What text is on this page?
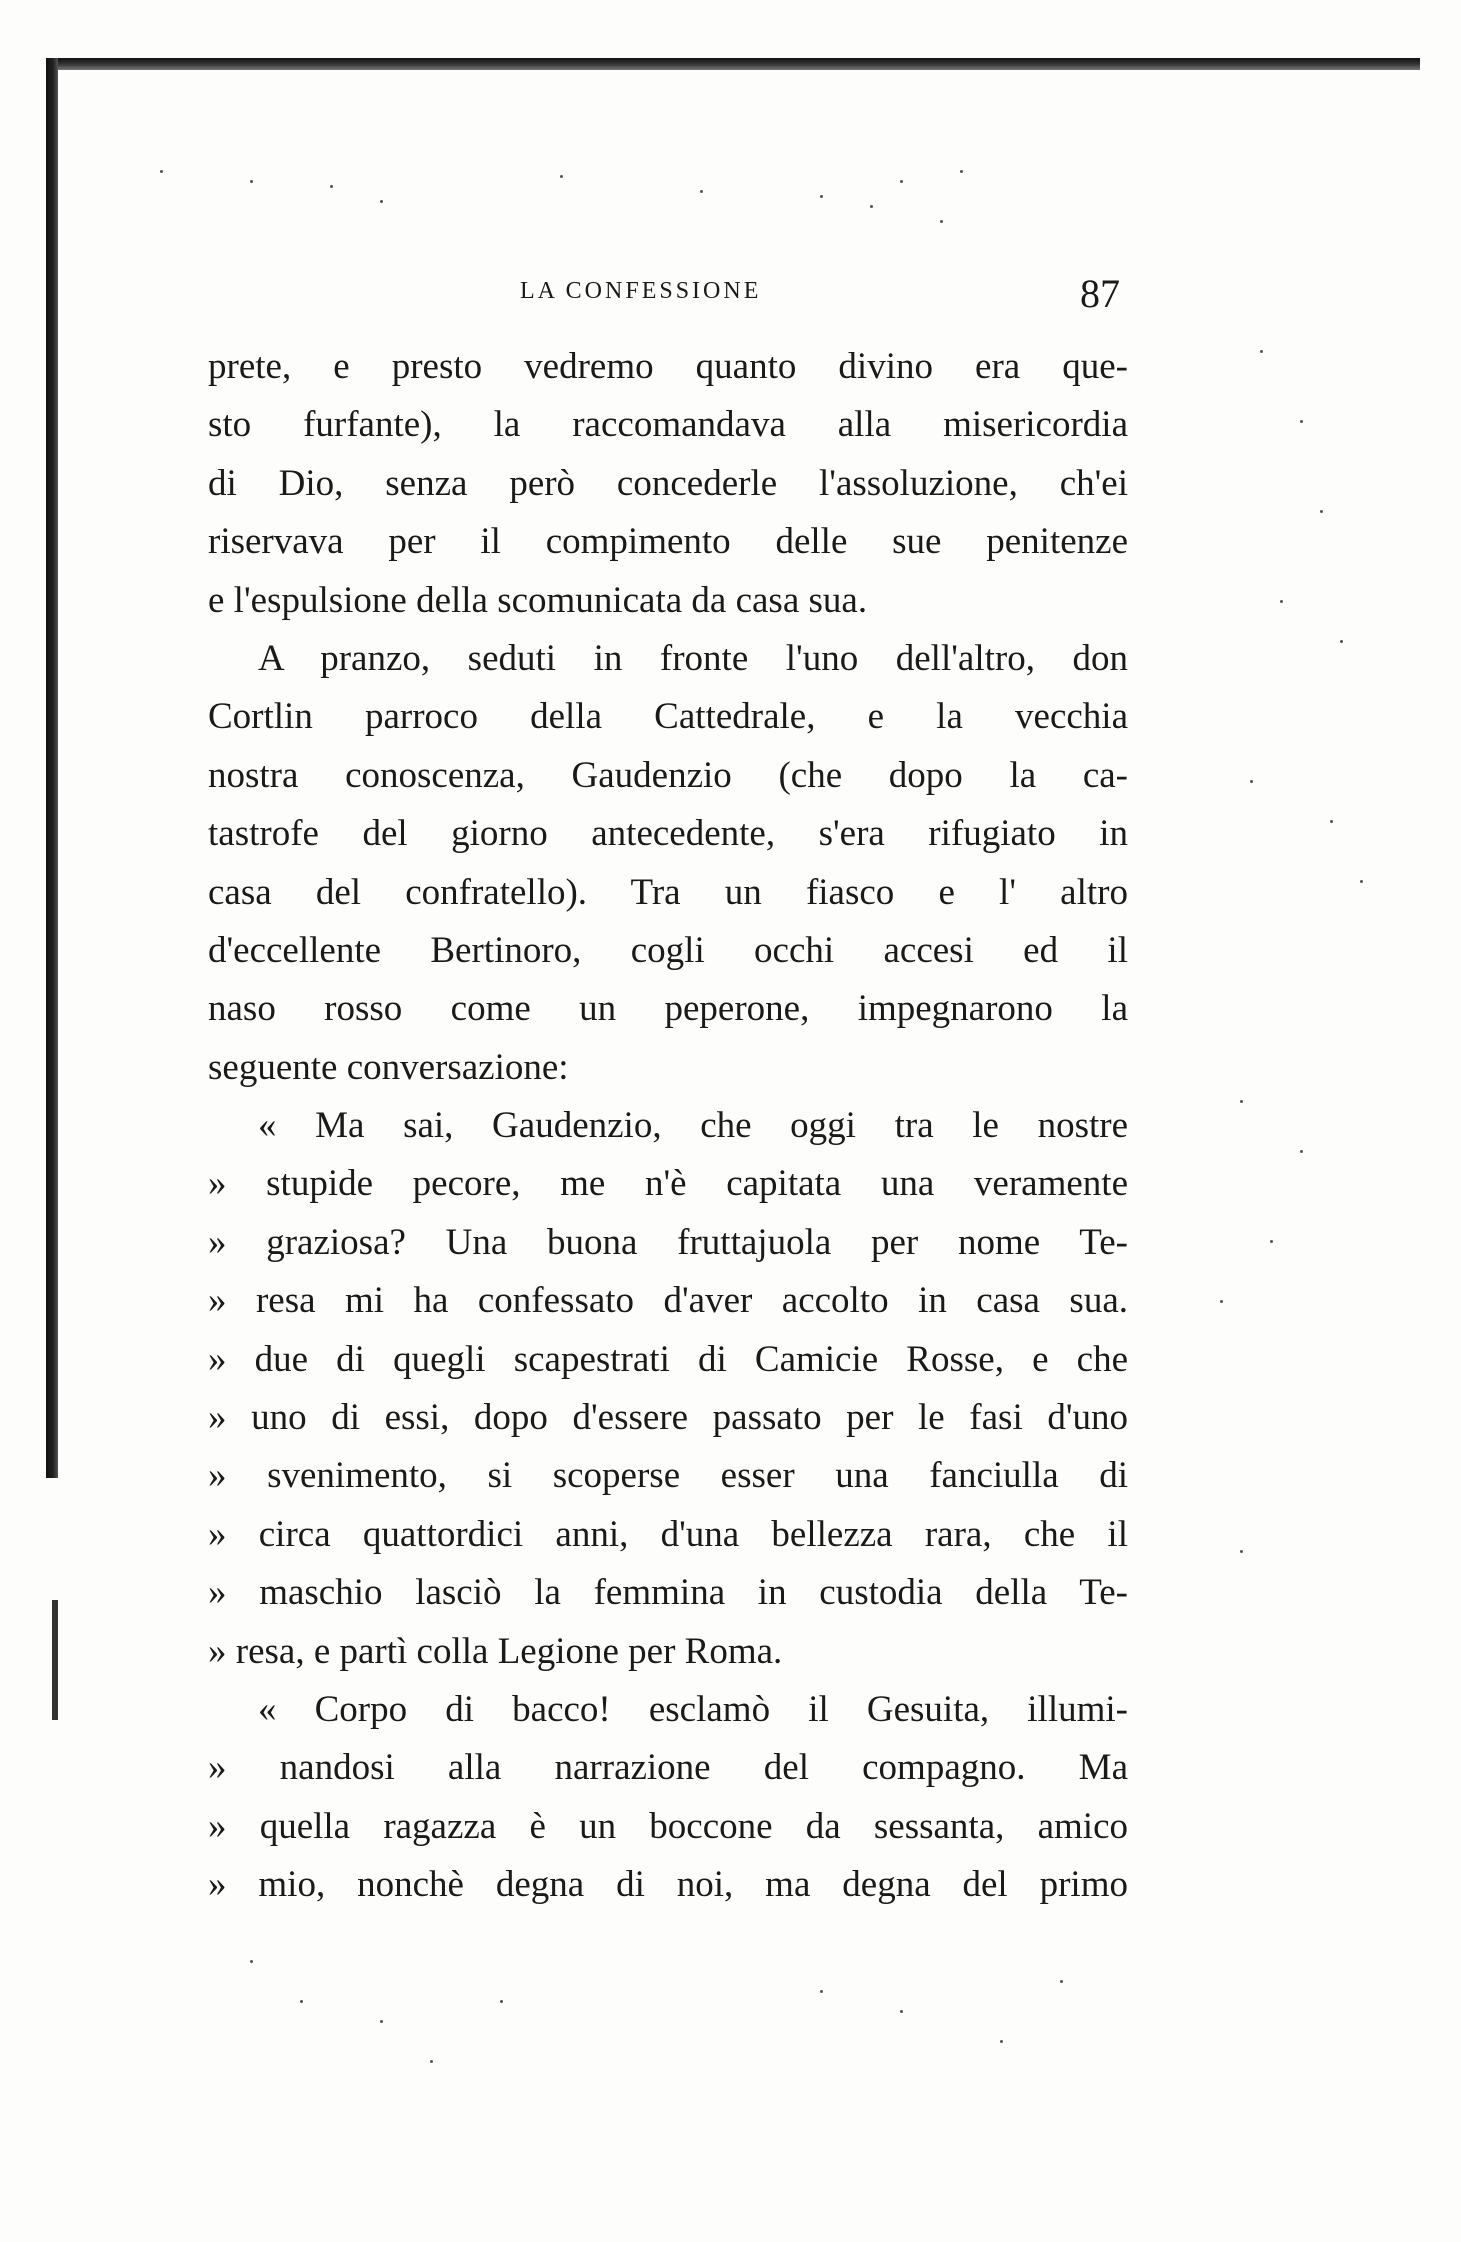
LA CONFESSIONE	87
prete, e presto vedremo quanto divino era que-
sto furfante), la raccomandava alla misericordia
di Dio, senza però concederle l'assoluzione, ch'ei
riservava per il compimento delle sue penitenze
e l'espulsione della scomunicata da casa sua.
A pranzo, seduti in fronte l'uno dell'altro, don
Cortlin parroco della Cattedrale, e la vecchia
nostra conoscenza, Gaudenzio (che dopo la ca-
tastrofe del giorno antecedente, s'era rifugiato in
casa del confratello). Tra un fiasco e l' altro
d'eccellente Bertinoro, cogli occhi accesi ed il
naso rosso come un peperone, impegnarono la
seguente conversazione:
« Ma sai, Gaudenzio, che oggi tra le nostre
» stupide pecore, me n'è capitata una veramente
» graziosa? Una buona fruttajuola per nome Te-
» resa mi ha confessato d'aver accolto in casa sua.
» due di quegli scapestrati di Camicie Rosse, e che
» uno di essi, dopo d'essere passato per le fasi d'uno
» svenimento, si scoperse esser una fanciulla di
» circa quattordici anni, d'una bellezza rara, che il
» maschio lasciò la femmina in custodia della Te-
» resa, e partì colla Legione per Roma.
« Corpo di bacco! esclamò il Gesuita, illumi-
» nandosi alla narrazione del compagno. Ma
» quella ragazza è un boccone da sessanta, amico
» mio, nonchè degna di noi, ma degna del primo
